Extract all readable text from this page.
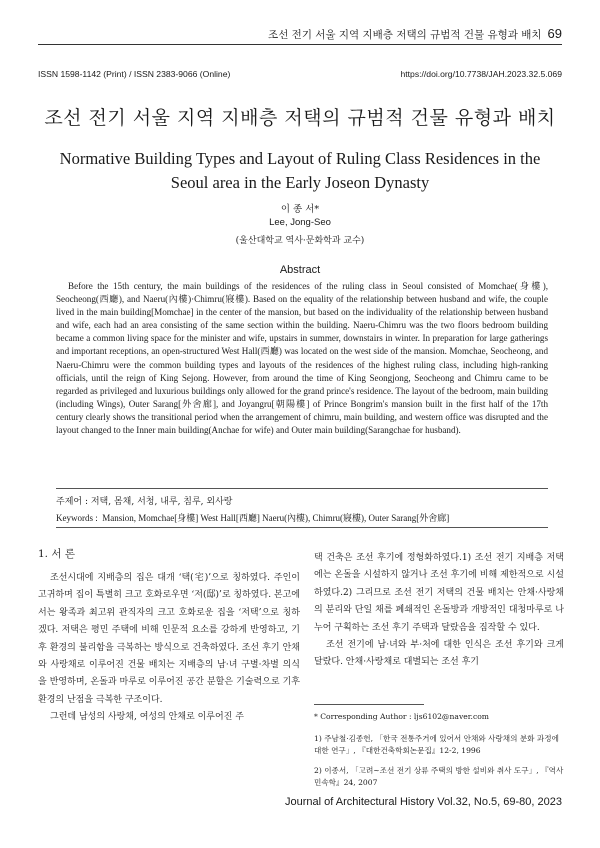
조선 전기 서울 지역 지배층 저택의 규범적 건물 유형과 배치 69
ISSN 1598-1142 (Print) / ISSN 2383-9066 (Online)	https://doi.org/10.7738/JAH.2023.32.5.069
조선 전기 서울 지역 지배층 저택의 규범적 건물 유형과 배치
Normative Building Types and Layout of Ruling Class Residences in the
Seoul area in the Early Joseon Dynasty
이 종 서*
Lee, Jong-Seo
(울산대학교 역사·문화학과 교수)
Abstract
Before the 15th century, the main buildings of the residences of the ruling class in Seoul consisted of Momchae(身樓), Seocheong(西廳), and Naeru(內樓)·Chimru(寢樓). Based on the equality of the relationship between husband and wife, the couple lived in the main building[Momchae] in the center of the mansion, but based on the individuality of the relationship between husband and wife, each had an area consisting of the same section within the building. Naeru-Chimru was the two floors bedroom building became a common living space for the minister and wife, upstairs in summer, downstairs in winter. In preparation for large gatherings and important receptions, an open-structured West Hall(西廳) was located on the west side of the mansion. Momchae, Seocheong, and Naeru-Chimru were the common building types and layouts of the residences of the highest ruling class, including high-ranking officials, until the reign of King Sejong. However, from around the time of King Seongjong, Seocheong and Chimru came to be regarded as privileged and luxurious buildings only allowed for the grand prince's residence. The layout of the bedroom, main building (including Wings), Outer Sarang[外舍廊], and Joyangru[朝陽樓] of Prince Bongrim's mansion built in the first half of the 17th century clearly shows the transitional period when the arrangement of chimru, main building, and western office was disrupted and the layout changed to the Inner main building(Anchae for wife) and Outer main building(Sarangchae for husband).
주제어 : 저택, 몸채, 서청, 내루, 침루, 외사랑
Keywords : Mansion, Momchae[身樓] West Hall[西廳] Naeru(內樓), Chimru(寢樓), Outer Sarang[外舍廊]
1. 서 론

조선시대에 지배층의 집은 대개 ‘택(宅)’으로 칭하였다. 주인이 고귀하며 집이 특별히 크고 호화로우면 ‘저(邸)’로 칭하였다. 본고에서는 왕족과 최고위 관직자의 크고 호화로운 집을 ‘저택’으로 칭하겠다. 저택은 평민 주택에 비해 인문적 요소를 강하게 반영하고, 기후 환경의 불리함을 극복하는 방식으로 건축하였다. 조선 후기 안채와 사랑채로 이루어진 건물 배치는 지배층의 남·녀 구별·차별 의식을 반영하며, 온돌과 마루로 이루어진 공간 분할은 기술력으로 기후 환경의 난점을 극복한 구조이다.

그런데 남성의 사랑채, 여성의 안채로 이루어진 주

택 건축은 조선 후기에 정형화하였다.1) 조선 전기 지배층 저택에는 온돌을 시설하지 않거나 조선 후기에 비해 제한적으로 시설하였다.2) 그리므로 조선 전기 저택의 건물 배치는 안채·사랑채의 분리와 단일 채를 폐쇄적인 온돌방과 개방적인 대청마루로 나누어 구획하는 조선 후기 주택과 달랐음을 짐작할 수 있다.

조선 전기에 남·녀와 부·처에 대한 인식은 조선 후기와 크게 달랐다. 안채·사랑채로 대별되는 조선 후기

* Corresponding Author : ljs6102@naver.com
1) 주남철·김종헌, 「한국 전통주거에 있어서 안채와 사랑채의 분화 과정에 대한 연구」, 『대한건축학회논문집』12-2, 1996
2) 이종서, 「고려~조선 전기 상류 주택의 방한 설비와 취사 도구」, 『역사민속학』24, 2007
Journal of Architectural History Vol.32, No.5, 69-80, 2023
